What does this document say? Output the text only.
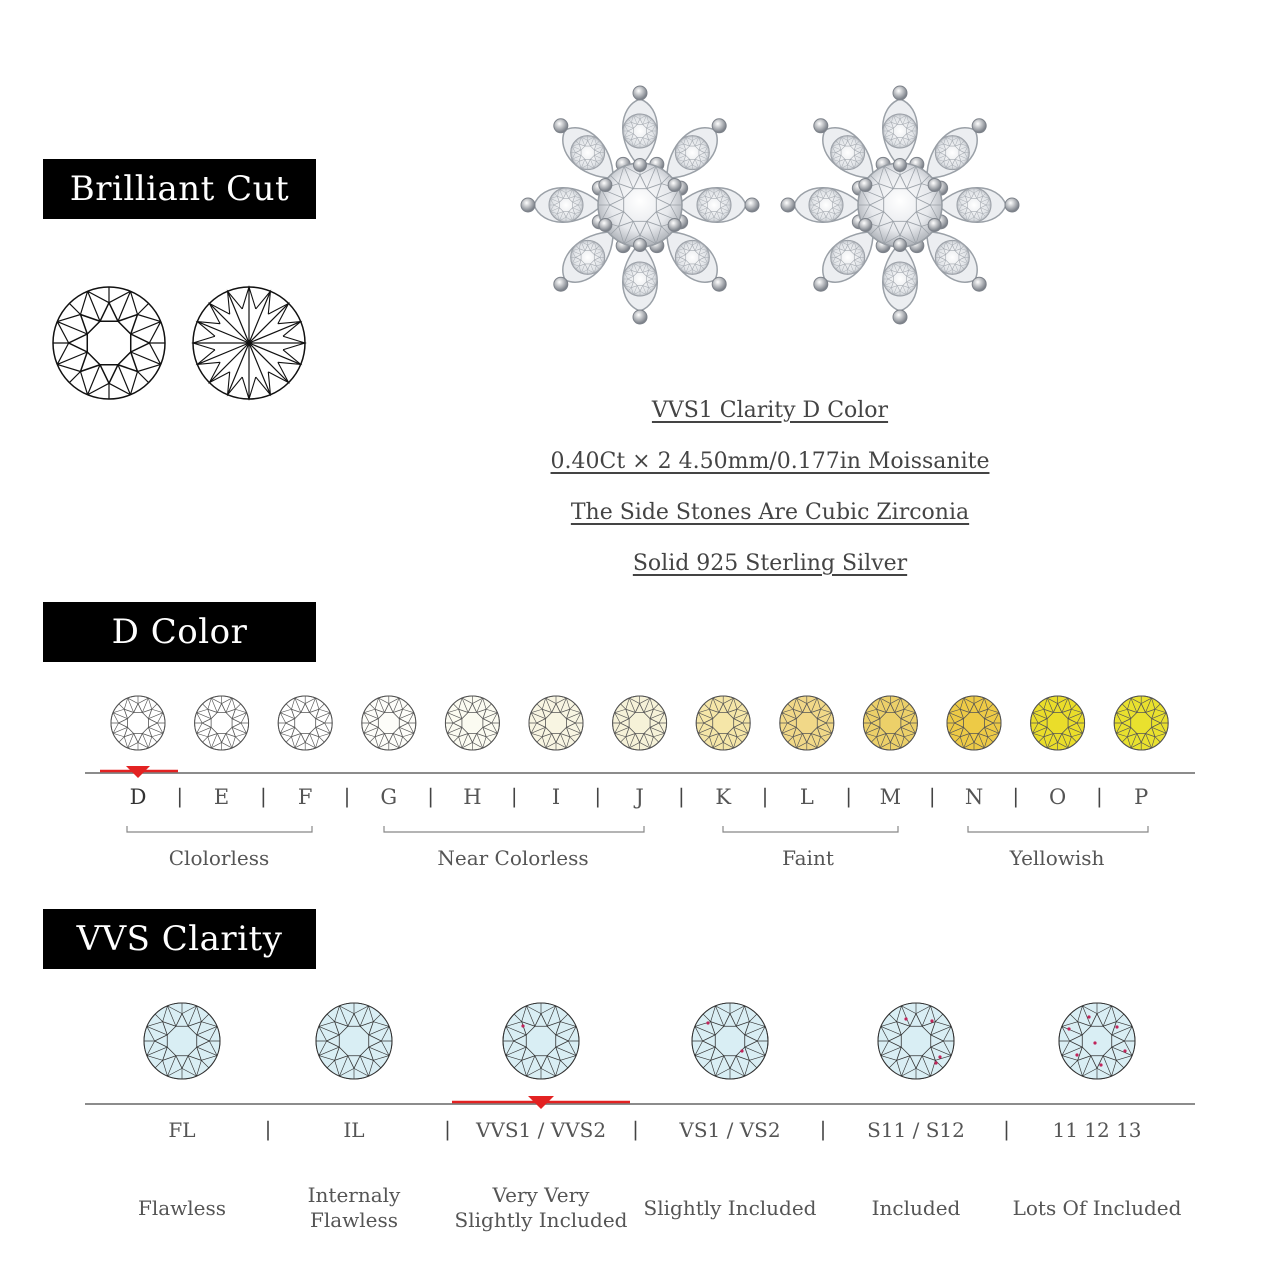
Brilliant Cut
D Color
VVS Clarity
VVS1 Clarity D Color
0.40Ct × 2 4.50mm/0.177in Moissanite
The Side Stones Are Cubic Zirconia
Solid 925 Sterling Silver
D | E | F | G | H | I | J | K | L | M | N | O | P
Clolorless	Near Colorless	Faint	Yellowish
FL
Flawless
|	IL
Internaly
Flawless
| VVS1 / VVS2
Very Very
Slightly Included
| VS1 / VS2
Slightly Included
| S11 / S12
Included
| 11 12 13
Lots Of Included
